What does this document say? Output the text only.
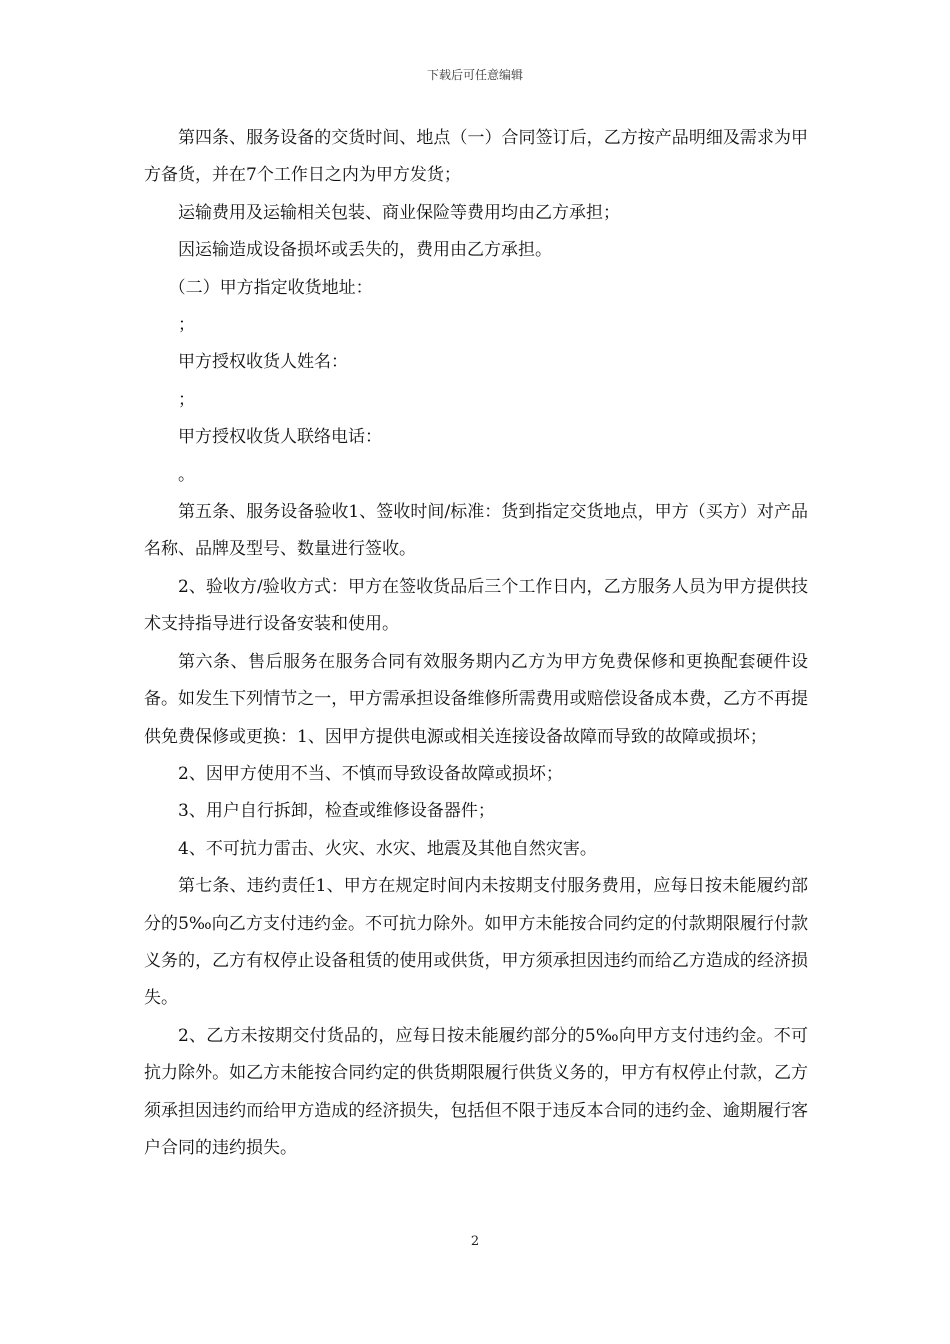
下载后可任意编辑

第四条、服务设备的交货时间、地点（一）合同签订后，乙方按产品明细及需求为甲方备货，并在7个工作日之内为甲方发货；

运输费用及运输相关包装、商业保险等费用均由乙方承担；

因运输造成设备损坏或丢失的，费用由乙方承担。

（二）甲方指定收货地址：

；

甲方授权收货人姓名：

；

甲方授权收货人联络电话：

。

第五条、服务设备验收1、签收时间/标准：货到指定交货地点，甲方（买方）对产品名称、品牌及型号、数量进行签收。

2、验收方/验收方式：甲方在签收货品后三个工作日内，乙方服务人员为甲方提供技术支持指导进行设备安装和使用。

第六条、售后服务在服务合同有效服务期内乙方为甲方免费保修和更换配套硬件设备。如发生下列情节之一，甲方需承担设备维修所需费用或赔偿设备成本费，乙方不再提供免费保修或更换：1、因甲方提供电源或相关连接设备故障而导致的故障或损坏；

2、因甲方使用不当、不慎而导致设备故障或损坏；

3、用户自行拆卸，检查或维修设备器件；

4、不可抗力雷击、火灾、水灾、地震及其他自然灾害。

第七条、违约责任1、甲方在规定时间内未按期支付服务费用，应每日按未能履约部分的5‰向乙方支付违约金。不可抗力除外。如甲方未能按合同约定的付款期限履行付款义务的，乙方有权停止设备租赁的使用或供货，甲方须承担因违约而给乙方造成的经济损失。

2、乙方未按期交付货品的，应每日按未能履约部分的5‰向甲方支付违约金。不可抗力除外。如乙方未能按合同约定的供货期限履行供货义务的，甲方有权停止付款，乙方须承担因违约而给甲方造成的经济损失，包括但不限于违反本合同的违约金、逾期履行客户合同的违约损失。

2
